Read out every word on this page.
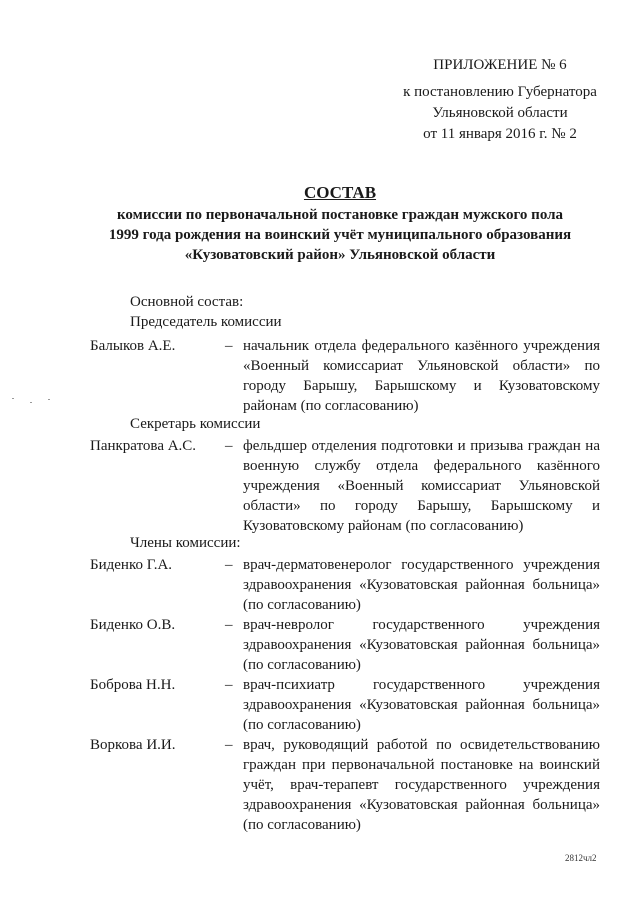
ПРИЛОЖЕНИЕ № 6
к постановлению Губернатора
Ульяновской области
от 11 января 2016 г. № 2
СОСТАВ
комиссии по первоначальной постановке граждан мужского пола
1999 года рождения на воинский учёт муниципального образования
«Кузоватовский район» Ульяновской области
Основной состав:
Председатель комиссии
Балыков А.Е.	– начальник отдела федерального казённого учреждения «Военный комиссариат Ульяновской области» по городу Барышу, Барышскому и Кузоватовскому районам (по согласованию)
Секретарь комиссии
Панкратова А.С.	– фельдшер отделения подготовки и призыва граждан на военную службу отдела федерального казённого учреждения «Военный комиссариат Ульяновской области» по городу Барышу, Барышскому и Кузоватовскому районам (по согласованию)
Члены комиссии:
Биденко Г.А.	– врач-дерматовенеролог государственного учреждения здравоохранения «Кузоватовская районная больница» (по согласованию)
Биденко О.В.	– врач-невролог государственного учреждения здравоохранения «Кузоватовская районная больница» (по согласованию)
Боброва Н.Н.	– врач-психиатр государственного учреждения здравоохранения «Кузоватовская районная больница» (по согласованию)
Воркова И.И.	– врач, руководящий работой по освидетельствованию граждан при первоначальной постановке на воинский учёт, врач-терапевт государственного учреждения здравоохранения «Кузоватовская районная больница» (по согласованию)
2812чл2
